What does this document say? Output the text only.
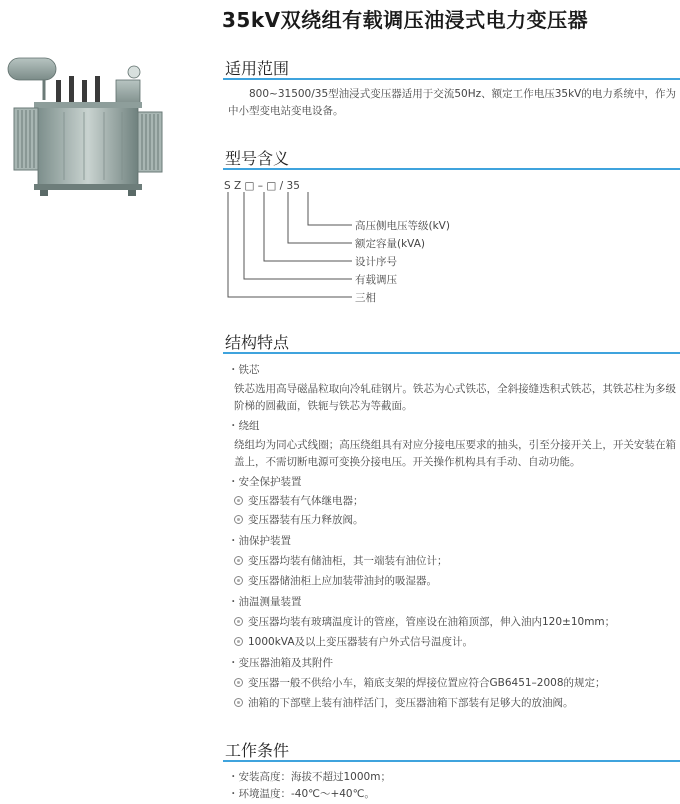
35kV双绕组有载调压油浸式电力变压器
适用范围
800~31500/35型油浸式变压器适用于交流50Hz、额定工作电压35kV的电力系统中，作为中小型变电站变电设备。
型号含义
S Z □ – □ / 35
高压侧电压等级(kV)
额定容量(kVA)
设计序号
有载调压
三相
结构特点
・铁芯
铁芯选用高导磁晶粒取向冷轧硅钢片。铁芯为心式铁芯，全斜接缝迭积式铁芯，其铁芯柱为多级阶梯的圆截面，铁轭与铁芯为等截面。
・绕组
绕组均为同心式线圈；高压绕组具有对应分接电压要求的抽头，引至分接开关上，开关安装在箱盖上，不需切断电源可变换分接电压。开关操作机构具有手动、自动功能。
・安全保护装置
变压器装有气体继电器；
变压器装有压力释放阀。
・油保护装置
变压器均装有储油柜，其一端装有油位计；
变压器储油柜上应加装带油封的吸湿器。
・油温测量装置
变压器均装有玻璃温度计的管座，管座设在油箱顶部，伸入油内120±10mm；
1000kVA及以上变压器装有户外式信号温度计。
・变压器油箱及其附件
变压器一般不供给小车，箱底支架的焊接位置应符合GB6451–2008的规定；
油箱的下部壁上装有油样活门，变压器油箱下部装有足够大的放油阀。
工作条件
・安装高度：海拔不超过1000m；
・环境温度：-40℃～+40℃。
